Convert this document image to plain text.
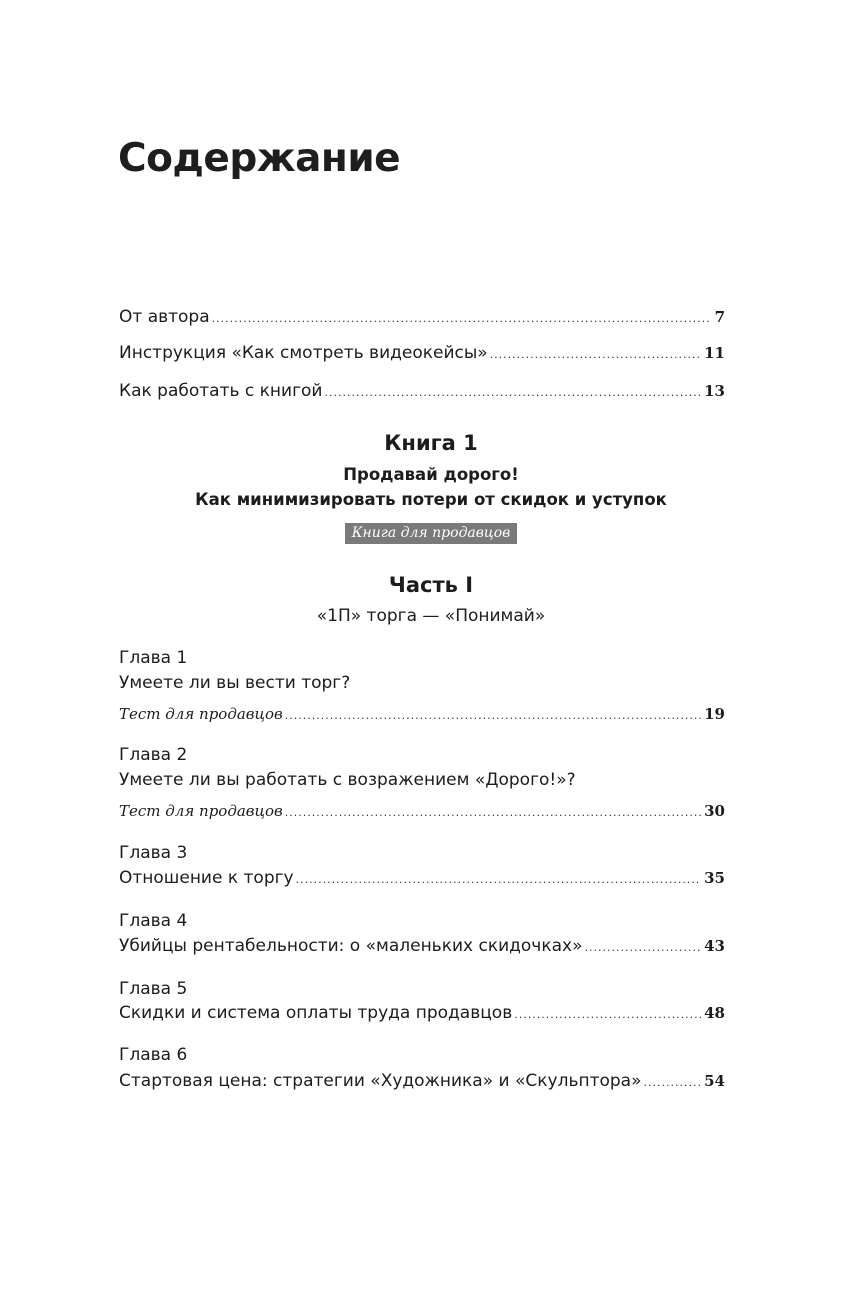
Содержание
От автора .....	7
Инструкция «Как смотреть видеокейсы» .....	11
Как работать с книгой .....	13
Книга 1
Продавай дорого!
Как минимизировать потери от скидок и уступок
Книга для продавцов
Часть I
«1П» торга — «Понимай»
Глава 1
Умеете ли вы вести торг?
Тест для продавцов .....	19
Глава 2
Умеете ли вы работать с возражением «Дорого!»?
Тест для продавцов .....	30
Глава 3
Отношение к торгу .....	35
Глава 4
Убийцы рентабельности: о «маленьких скидочках» .....	43
Глава 5
Скидки и система оплаты труда продавцов .....	48
Глава 6
Стартовая цена: стратегии «Художника» и «Скульптора» .....	54
